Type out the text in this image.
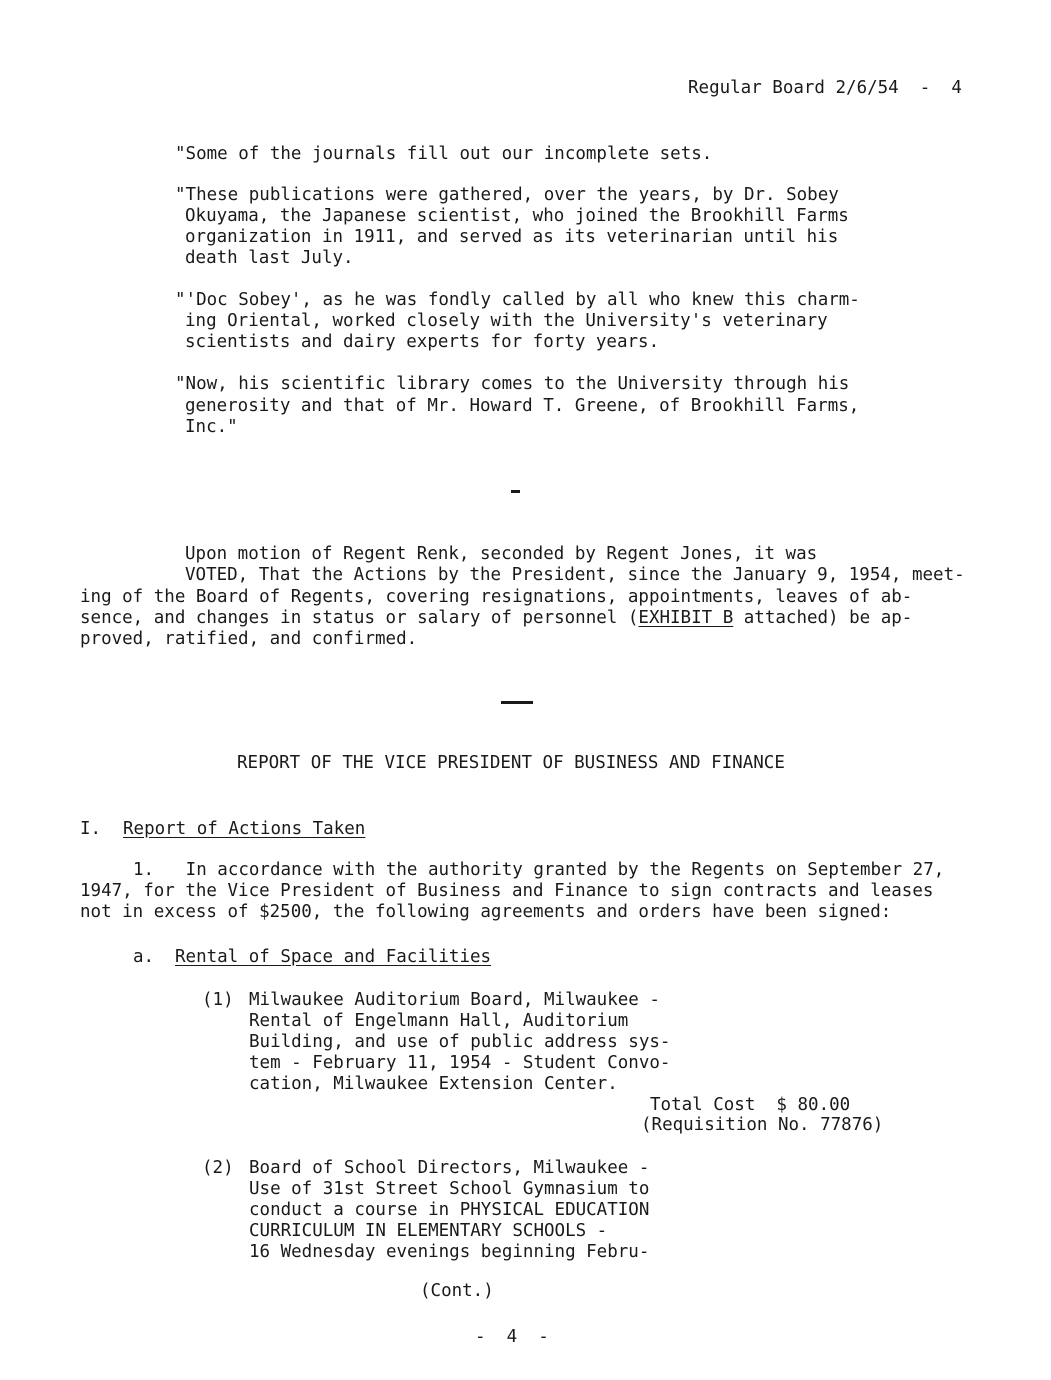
Regular Board 2/6/54  -  4
"Some of the journals fill out our incomplete sets.
"These publications were gathered, over the years, by Dr. Sobey
Okuyama, the Japanese scientist, who joined the Brookhill Farms
organization in 1911, and served as its veterinarian until his
death last July.
"'Doc Sobey', as he was fondly called by all who knew this charm-
ing Oriental, worked closely with the University's veterinary
scientists and dairy experts for forty years.
"Now, his scientific library comes to the University through his
generosity and that of Mr. Howard T. Greene, of Brookhill Farms,
Inc."
Upon motion of Regent Renk, seconded by Regent Jones, it was
VOTED, That the Actions by the President, since the January 9, 1954, meet-
ing of the Board of Regents, covering resignations, appointments, leaves of ab-
sence, and changes in status or salary of personnel (EXHIBIT B attached) be ap-
proved, ratified, and confirmed.
REPORT OF THE VICE PRESIDENT OF BUSINESS AND FINANCE
I. Report of Actions Taken
1.   In accordance with the authority granted by the Regents on September 27,
1947, for the Vice President of Business and Finance to sign contracts and leases
not in excess of $2500, the following agreements and orders have been signed:
a. Rental of Space and Facilities
(1) Milwaukee Auditorium Board, Milwaukee -
Rental of Engelmann Hall, Auditorium
Building, and use of public address sys-
tem - February 11, 1954 - Student Convo-
cation, Milwaukee Extension Center.
Total Cost  $ 80.00
(Requisition No. 77876)
(2) Board of School Directors, Milwaukee -
Use of 31st Street School Gymnasium to
conduct a course in PHYSICAL EDUCATION
CURRICULUM IN ELEMENTARY SCHOOLS -
16 Wednesday evenings beginning Febru-
(Cont.)
-  4  -
